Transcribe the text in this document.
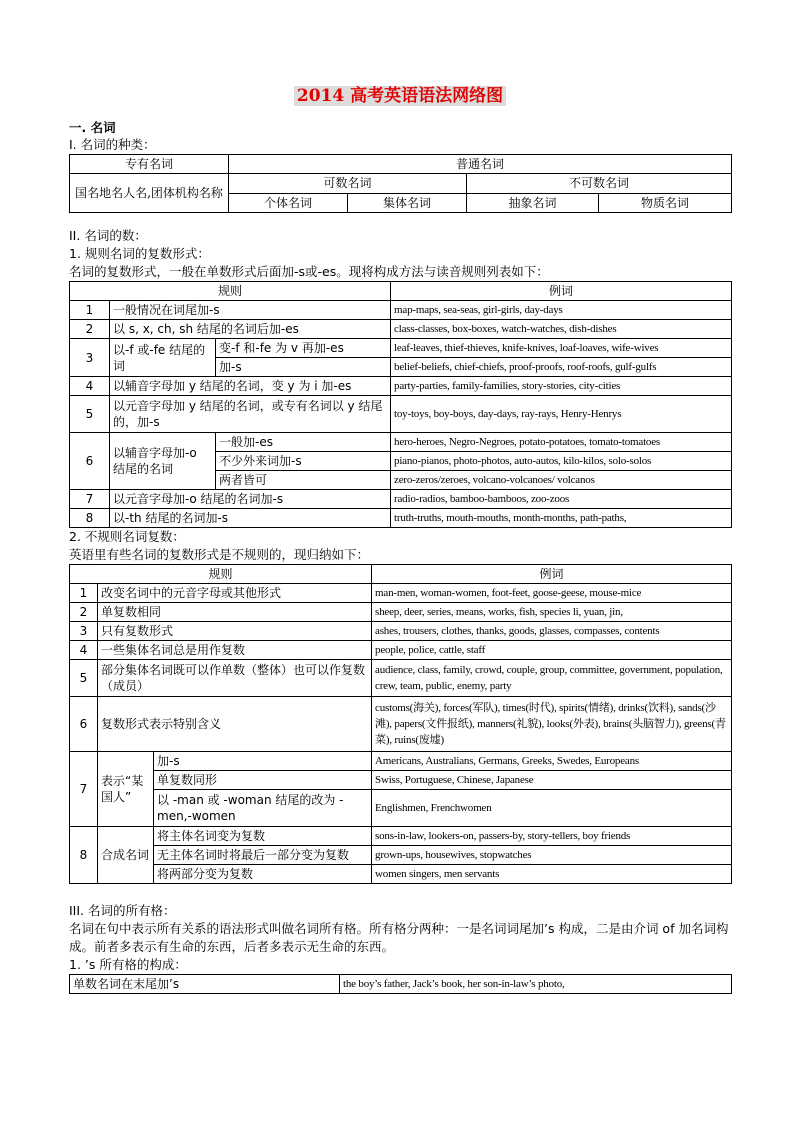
2014 高考英语语法网络图
一. 名词
I. 名词的种类：
专有名词	普通名词			
国名地名人名,团体机构名称	可数名词		不可数名词	
	个体名词	集体名词	抽象名词	物质名词
II. 名词的数：
1. 规则名词的复数形式：
名词的复数形式，一般在单数形式后面加-s或-es。现将构成方法与读音规则列表如下：
规则			例词
1	一般情况在词尾加-s		map-maps, sea-seas, girl-girls, day-days
2	以 s, x, ch, sh 结尾的名词后加-es		class-classes, box-boxes, watch-watches, dish-dishes
3	以-f 或-fe 结尾的词	变-f 和-fe 为 v 再加-es	leaf-leaves, thief-thieves, knife-knives, loaf-loaves, wife-wives
		加-s	belief-beliefs, chief-chiefs, proof-proofs, roof-roofs, gulf-gulfs
4	以辅音字母加 y 结尾的名词，变 y 为 i 加-es		party-parties, family-families, story-stories, city-cities
5	以元音字母加 y 结尾的名词，或专有名词以 y 结尾的，加-s		toy-toys, boy-boys, day-days, ray-rays, Henry-Henrys
6	以辅音字母加-o 结尾的名词	一般加-es	hero-heroes, Negro-Negroes, potato-potatoes, tomato-tomatoes
		不少外来词加-s	piano-pianos, photo-photos, auto-autos, kilo-kilos, solo-solos
		两者皆可	zero-zeros/zeroes, volcano-volcanoes/ volcanos
7	以元音字母加-o 结尾的名词加-s		radio-radios, bamboo-bamboos, zoo-zoos
8	以-th 结尾的名词加-s		truth-truths, mouth-mouths, month-months, path-paths,
2. 不规则名词复数：
英语里有些名词的复数形式是不规则的，现归纳如下：
规则			例词
1	改变名词中的元音字母或其他形式		man-men, woman-women, foot-feet, goose-geese, mouse-mice
2	单复数相同		sheep, deer, series, means, works, fish, species li, yuan, jin,
3	只有复数形式		ashes, trousers, clothes, thanks, goods, glasses, compasses, contents
4	一些集体名词总是用作复数		people, police, cattle, staff
5	部分集体名词既可以作单数（整体）也可以作复数（成员）		audience, class, family, crowd, couple, group, committee, government, population, crew, team, public, enemy, party
6	复数形式表示特别含义		customs(海关), forces(军队), times(时代), spirits(情绪), drinks(饮料), sands(沙滩), papers(文件报纸), manners(礼貌), looks(外表), brains(头脑智力), greens(青菜), ruins(废墟)
7	表示“某国人”	加-s	Americans, Australians, Germans, Greeks, Swedes, Europeans
		单复数同形	Swiss, Portuguese, Chinese, Japanese
		以 -man 或 -woman 结尾的改为 -men,-women	Englishmen, Frenchwomen
8	合成名词	将主体名词变为复数	sons-in-law, lookers-on, passers-by, story-tellers, boy friends
		无主体名词时将最后一部分变为复数	grown-ups, housewives, stopwatches
		将两部分变为复数	women singers, men servants
III. 名词的所有格：
名词在句中表示所有关系的语法形式叫做名词所有格。所有格分两种：一是名词词尾加’s 构成，二是由介词 of 加名词构成。前者多表示有生命的东西，后者多表示无生命的东西。
1. ’s 所有格的构成：
单数名词在末尾加’s	the boy’s father, Jack’s book, her son-in-law’s photo,
